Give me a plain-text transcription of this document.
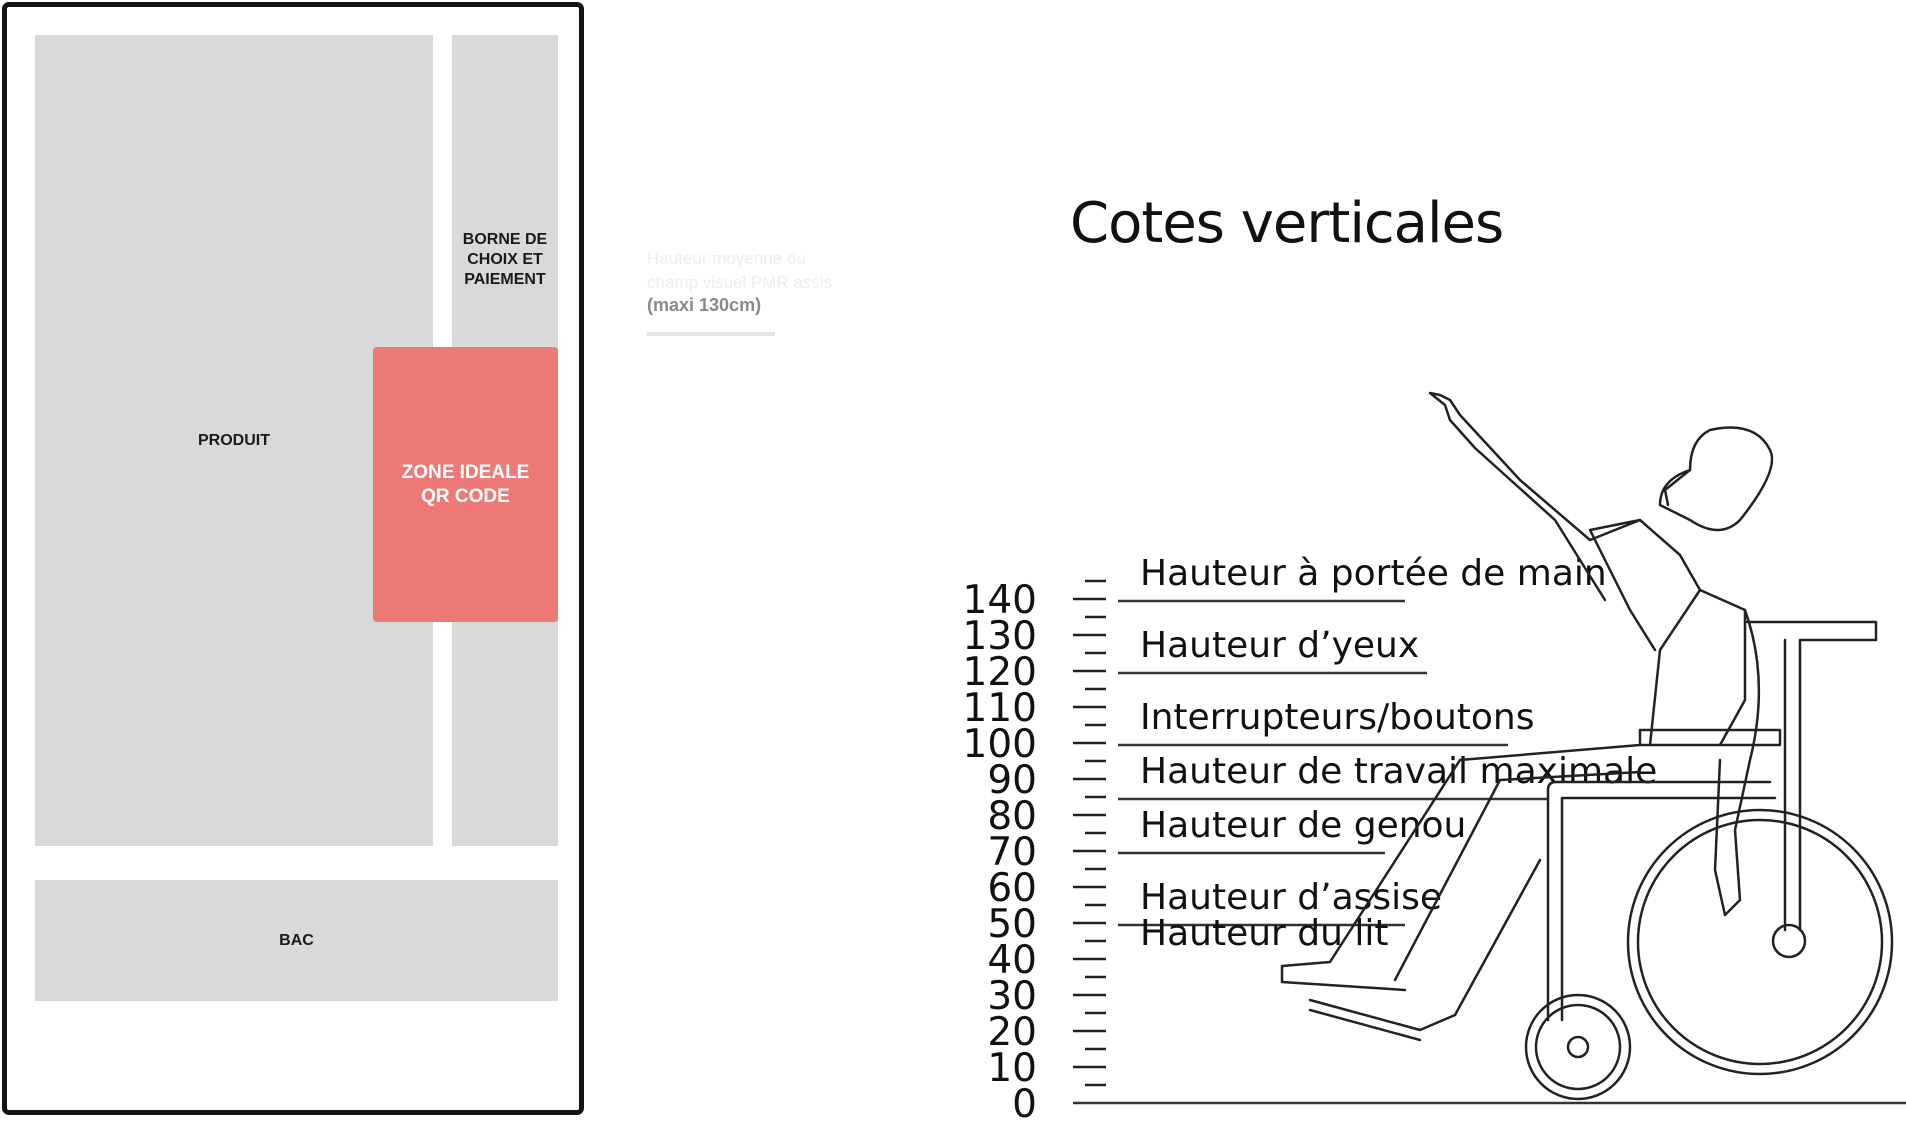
PRODUIT
BORNE DE
CHOIX ET
PAIEMENT
ZONE IDEALE
QR CODE
BAC
Hauteur moyenne du
champ visuel PMR assis
(maxi 130cm)
Cotes verticales
140
130
120
110
100
90
80
70
60
50
40
30
20
10
0
Hauteur à portée de main
Hauteur d’yeux
Interrupteurs/boutons
Hauteur de travail maximale
Hauteur de genou
Hauteur d’assise
Hauteur du lit
